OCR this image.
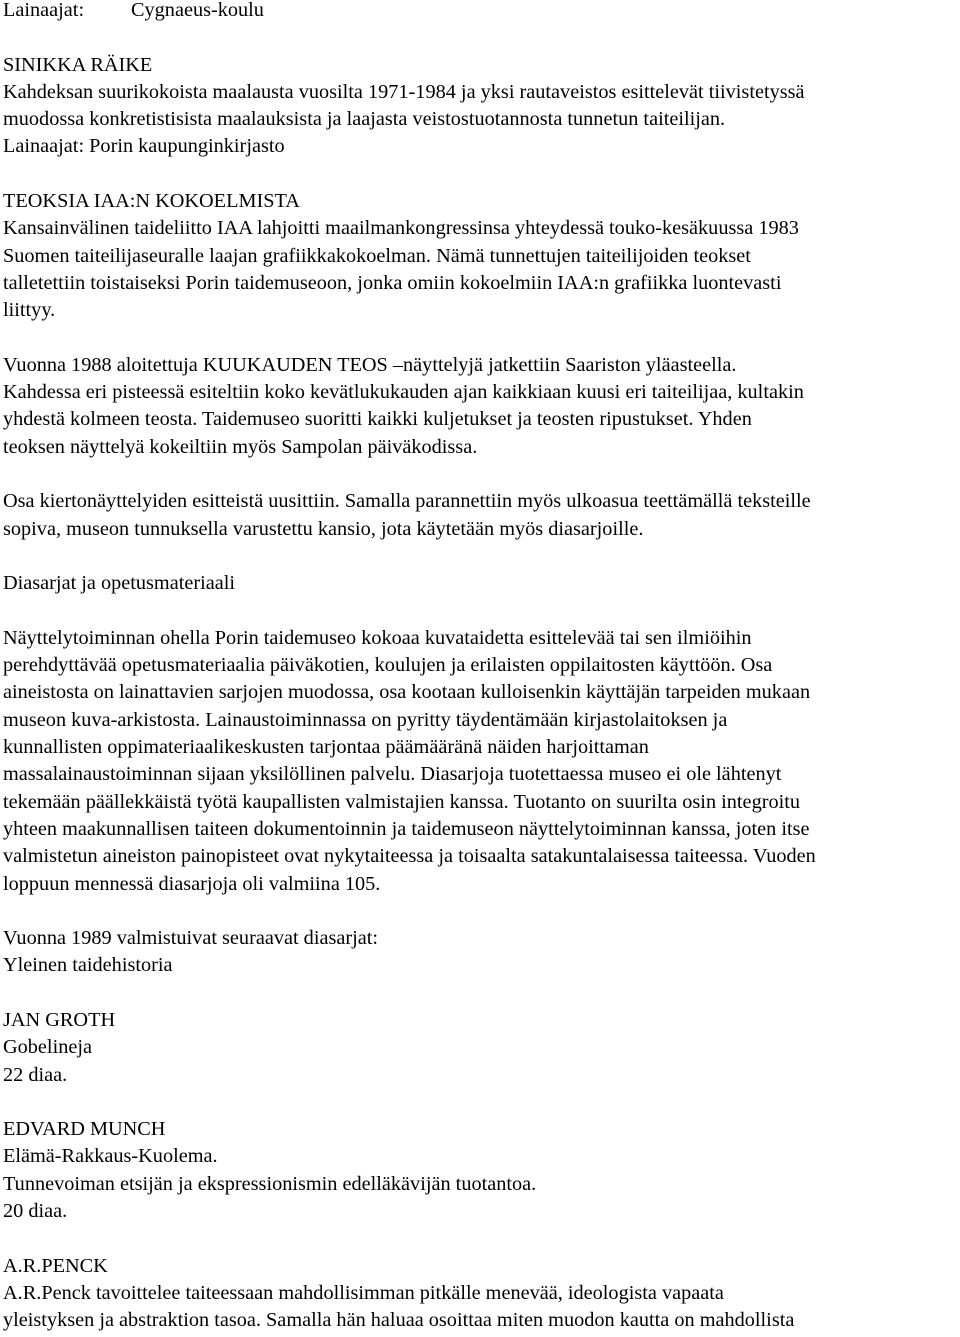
Lainaajat: Cygnaeus-koulu
SINIKKA RÄIKE
Kahdeksan suurikokoista maalausta vuosilta 1971-1984 ja yksi rautaveistos esittelevät tiivistetyssä
muodossa konkretistisista maalauksista ja laajasta veistostuotannosta tunnetun taiteilijan.
Lainaajat: Porin kaupunginkirjasto
TEOKSIA IAA:N KOKOELMISTA
Kansainvälinen taideliitto IAA lahjoitti maailmankongressinsa yhteydessä touko-kesäkuussa 1983
Suomen taiteilijaseuralle laajan grafiikkakokoelman. Nämä tunnettujen taiteilijoiden teokset
talletettiin toistaiseksi Porin taidemuseoon, jonka omiin kokoelmiin IAA:n grafiikka luontevasti
liittyy.
Vuonna 1988 aloitettuja KUUKAUDEN TEOS –näyttelyjä jatkettiin Saariston yläasteella.
Kahdessa eri pisteessä esiteltiin koko kevätlukukauden ajan kaikkiaan kuusi eri taiteilijaa, kultakin
yhdestä kolmeen teosta. Taidemuseo suoritti kaikki kuljetukset ja teosten ripustukset. Yhden
teoksen näyttelyä kokeiltiin myös Sampolan päiväkodissa.
Osa kiertonäyttelyiden esitteistä uusittiin. Samalla parannettiin myös ulkoasua teettämällä teksteille
sopiva, museon tunnuksella varustettu kansio, jota käytetään myös diasarjoille.
Diasarjat ja opetusmateriaali
Näyttelytoiminnan ohella Porin taidemuseo kokoaa kuvataidetta esittelevää tai sen ilmiöihin
perehdyttävää opetusmateriaalia päiväkotien, koulujen ja erilaisten oppilaitosten käyttöön. Osa
aineistosta on lainattavien sarjojen muodossa, osa kootaan kulloisenkin käyttäjän tarpeiden mukaan
museon kuva-arkistosta. Lainaustoiminnassa on pyritty täydentämään kirjastolaitoksen ja
kunnallisten oppimateriaalikeskusten tarjontaa päämääränä näiden harjoittaman
massalainaustoiminnan sijaan yksilöllinen palvelu. Diasarjoja tuotettaessa museo ei ole lähtenyt
tekemään päällekkäistä työtä kaupallisten valmistajien kanssa. Tuotanto on suurilta osin integroitu
yhteen maakunnallisen taiteen dokumentoinnin ja taidemuseon näyttelytoiminnan kanssa, joten itse
valmistetun aineiston painopisteet ovat nykytaiteessa ja toisaalta satakuntalaisessa taiteessa. Vuoden
loppuun mennessä diasarjoja oli valmiina 105.
Vuonna 1989 valmistuivat seuraavat diasarjat:
Yleinen taidehistoria
JAN GROTH
Gobelineja
22 diaa.
EDVARD MUNCH
Elämä-Rakkaus-Kuolema.
Tunnevoiman etsijän ja ekspressionismin edelläkävijän tuotantoa.
20 diaa.
A.R.PENCK
A.R.Penck tavoittelee taiteessaan mahdollisimman pitkälle menevää, ideologista vapaata
yleistyksen ja abstraktion tasoa. Samalla hän haluaa osoittaa miten muodon kautta on mahdollista
